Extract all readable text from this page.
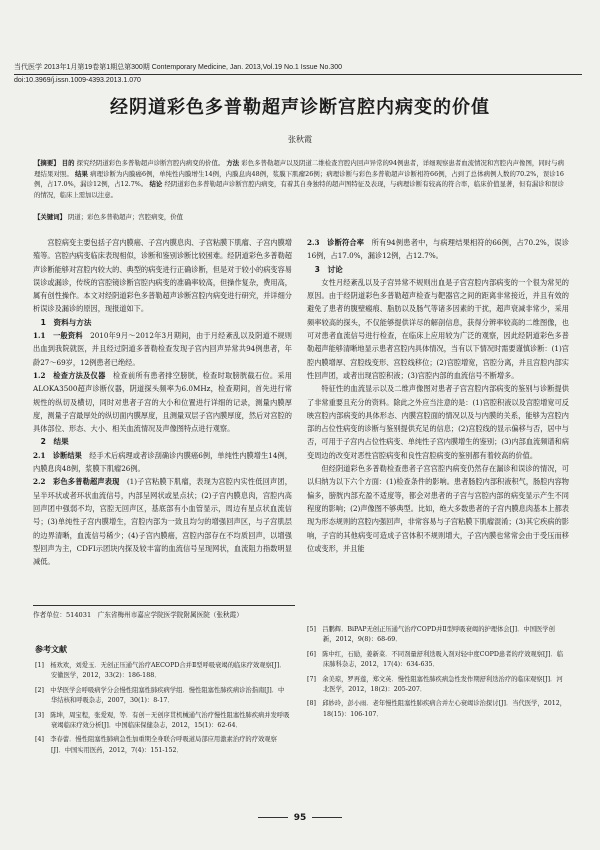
当代医学 2013年1月第19卷第1期总第300期 Contemporary Medicine, Jan. 2013,Vol.19 No.1 Issue No.300
doi:10.3969/j.issn.1009-4393.2013.1.070
经阴道彩色多普勒超声诊断宫腔内病变的价值
张秋霞
【摘要】 目的 探究经阴道彩色多普勒超声诊断宫腔内病变的价值。 方法 彩色多普勒超声以及阴道二维检查宫腔内回声异常的94例患者，详细观察患者血流情况和宫腔内声像图，同时与病理结果对照。 结果 病理诊断为内膜癌6例，单纯性内膜增生14例，内膜息肉48例，浆膜下肌瘤26例；病理诊断与彩色多普勒超声诊断相符66例，占到了总体病例人数的70.2%，误诊16例，占17.0%，漏诊12例，占12.7%。 结论 经阴道彩色多普勒超声诊断宫腔内病变，有着其自身独特的超声图特征及表现，与病理诊断有较高的符合率，临床价值显著，但有漏诊和误诊的情况，临床上需加以注意。
【关键词】 阴道；彩色多普勒超声；宫腔病变，价值

宫腔病变主要包括子宫内膜癌、子宫内膜息肉、子宫粘膜下肌瘤、子宫内膜增殖等。宫腔内病变临床表现相似，诊断和鉴别诊断比较困难。经阴道彩色多普勒超声诊断能够对宫腔内较大的、典型的病变进行正确诊断，但是对于较小的病变容易误诊或漏诊，传统的宫腔镜诊断宫腔内病变的准确率较高，但操作复杂，费用高，属有创性操作。本文对经阴道彩色多普勒超声诊断宫腔内病变进行研究，并详细分析误诊及漏诊的原因，现报道如下。

1　资料与方法

1.1　一般资料　 2010年9月～2012年3月期间，由于月经紊乱以及阴道不规则出血到我院就医，并且经过阴道多普勒检查发现子宫内回声异常共94例患者，年龄27～69岁，12例患者已绝经。

1.2　检查方法及仪器　 检查前所有患者排空膀胱，检查时取膀胱截石位。采用ALOKA3500超声诊断仪器，阴道探头频率为6.0MHz，检查期间，首先进行常规性的纵切及横切，同时对患者子宫的大小和位置进行详细的记录，测量内膜厚度，测量子宫最厚处的纵切面内膜厚度，且测量双层子宫内膜厚度，然后对宫腔的具体部位、形态、大小、相关血流情况及声像图特点进行观察。

2　结果

2.1　诊断结果　 经手术后病理或者诊刮确诊内膜癌6例，单纯性内膜增生14例，内膜息肉48例，浆膜下肌瘤26例。

2.2　彩色多普勒超声表现　 (1)子宫粘膜下肌瘤，表现为宫腔内实性低回声团，呈半环状或者环状血流信号，内部呈网状或星点状；(2)子宫内膜息肉，宫腔内高回声团中强弱不均，宫腔无回声区，基底部有小血管显示，周边有星点状血流信号；(3)单纯性子宫内膜增生，宫腔内部为一致且均匀的增强回声区，与子宫肌层的边界清晰，血流信号稀少；(4)子宫内膜癌，宫腔内部存在不均质回声，以增强型回声为主，CDFI示团块内探及较丰富的血流信号呈现网状，血流阻力指数明显减低。

2.3　诊断符合率　 所有94例患者中，与病理结果相符的66例，占70.2%，误诊16例，占17.0%，漏诊12例，占12.7%。

3　讨论

女性月经紊乱以及子宫异常不规则出血是子宫宫腔内部病变的一个很为常见的原因。由于经阴道彩色多普勒超声检查与靶器官之间的距离非常接近，并且有效的避免了患者的腹壁瘢痕、脂肪以及肠气等诸多因素的干扰，超声衰减非常少，采用频率较高的探头，不仅能够提供详尽的解剖信息，获得分辨率较高的二维图像，也可对患者血流信号进行检查，在临床上应用较为广泛的观察，因此经阴道彩色多普勒超声能够清晰地显示患者宫腔内具体情况，当有以下情况时需要谨慎诊断：(1)宫腔内膜增厚、宫腔线变形、宫腔线移位；(2)宫腔增宽，宫腔分离，并且宫腔内部实性回声团，或者出现宫腔积液；(3)宫腔内部的血流信号不断增多。

特征性的血流显示以及二维声像图对患者子宫宫腔内部病变的鉴别与诊断提供了非常重要且充分的资料。除此之外应当注意的是：(1)宫腔积液以及宫腔增宽可反映宫腔内部病变的具体形态、内膜宫腔面的情况以及与内膜的关系，能够为宫腔内部的占位性病变的诊断与鉴别提供充足的信息；(2)宫腔线的显示偏移与否，居中与否，可用于子宫内占位性病变、单纯性子宫内膜增生的鉴别；(3)内部血流频谱和病变周边的改变对恶性宫腔病变和良性宫腔病变的鉴别都有着较高的价值。

但经阴道彩色多普勒检查患者子宫宫腔内病变仍然存在漏诊和误诊的情况，可以归纳为以下六个方面：(1)检查条件的影响。患者肠腔内部积液积气，肠腔内容物偏多，膀胱内部充盈不适度等，都会对患者的子宫与宫腔内部的病变显示产生不同程度的影响；(2)声像图不够典型。比如，绝大多数患者的子宫内膜息肉基本上都表现为形态规则的宫腔内强回声，非常容易与子宫粘膜下肌瘤混淆；(3)其它疾病的影响，子宫的其他病变可造成子宫体积不规则增大，子宫内膜也常常会由于受压而移位或变形，并且能

作者单位：514031　广东省梅州市嘉应学院医学院附属医院（张秋霞）
参考文献
[1]　杨欢欢，刘爱玉．无创正压通气治疗AECOPD合并Ⅱ型呼吸衰竭的临床疗效观察[J]．安徽医学，2012，33(2)：186-188．
[2]　中华医学会呼吸病学分会慢性阻塞性肺疾病学组．慢性阻塞性肺疾病诊治指南[J]．中华结核和呼吸杂志，2007，30(1)：8-17．
[3]　陈坤，周宝程，张爱观，等．有创－无创序贯机械通气治疗慢性阻塞性肺疾病并发呼吸衰竭临床疗效分析[J]．中国临床保健杂志，2012，15(1)：62-64．
[4]　李春蕾．慢性阻塞性肺病急性加重期全身联合呼吸道局部应用激素治疗的疗效观察[J]．中国实用医药，2012，7(4)：151-152．
[5]　吕鹏辉．BiPAP无创正压通气治疗COPD并Ⅱ型呼吸衰竭的护理体会[J]．中国医学创新，2012，9(8)：68-69．
[6]　陈中红，石励，姜新菜．不同剂量舒利迭吸入剂对轻中度COPD患者的疗效观察[J]．临床肺科杂志，2012，17(4)：634-635．
[7]　余美琼，罗再莲，郑文英．慢性阻塞性肺疾病急性发作期舒利迭治疗的临床观察[J]．河北医学，2012，18(2)：205-207．
[8]　邱妙玲，彭小雨．老年慢性阻塞性肺疾病合并左心衰竭诊治探讨[J]．当代医学，2012，18(15)：106-107．
95
